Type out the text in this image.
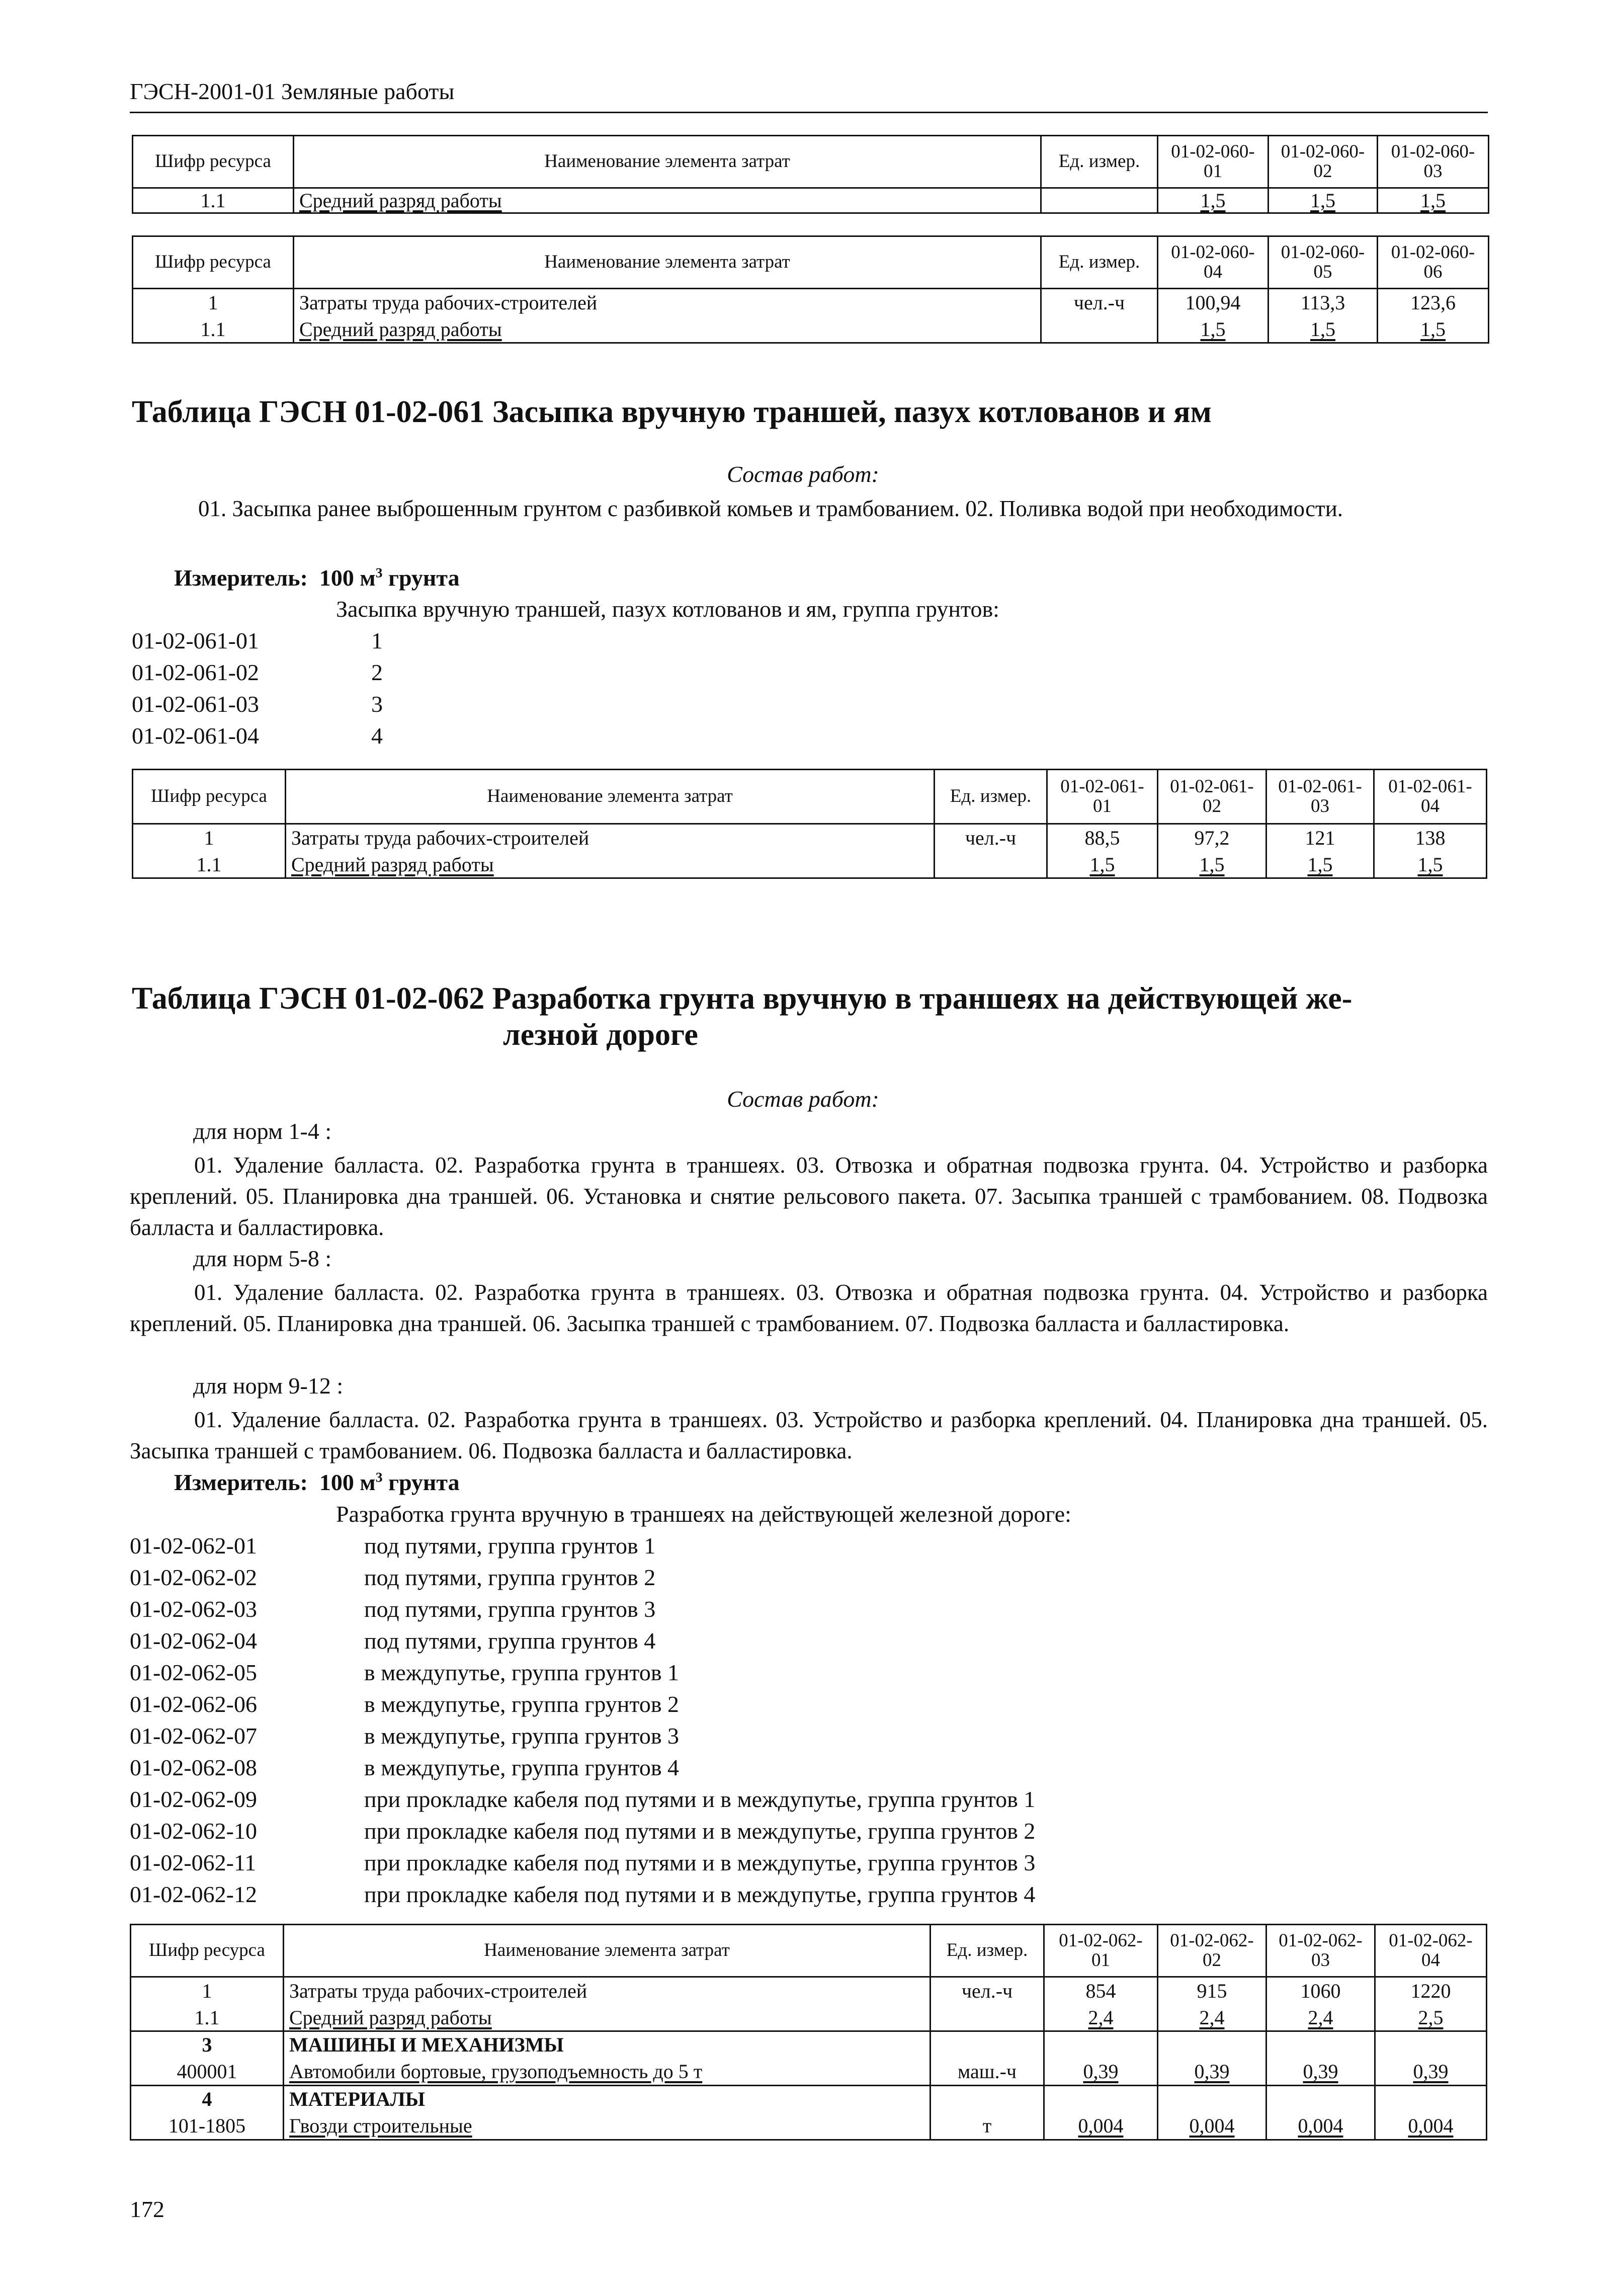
ГЭСН-2001-01 Земляные работы
Шифр ресурса	Наименование элемента затрат	Ед. измер.	01-02-060-01	01-02-060-02	01-02-060-03
1.1	Средний разряд работы		1,5	1,5	1,5
Шифр ресурса	Наименование элемента затрат	Ед. измер.	01-02-060-04	01-02-060-05	01-02-060-06
1	Затраты труда рабочих-строителей	чел.-ч	100,94	113,3	123,6
1.1	Средний разряд работы		1,5	1,5	1,5
Таблица ГЭСН 01-02-061 Засыпка вручную траншей, пазух котлованов и ям
Состав работ:
01. Засыпка ранее выброшенным грунтом с разбивкой комьев и трамбованием. 02. Поливка водой при необходимости.
Измеритель: 100 $м^3$ грунта
Засыпка вручную траншей, пазух котлованов и ям, группа грунтов:
01-02-061-01	1
01-02-061-02	2
01-02-061-03	3
01-02-061-04	4
Шифр ресурса	Наименование элемента затрат	Ед. измер.	01-02-061-01	01-02-061-02	01-02-061-03	01-02-061-04
1	Затраты труда рабочих-строителей	чел.-ч	88,5	97,2	121	138
1.1	Средний разряд работы		1,5	1,5	1,5	1,5
Таблица ГЭСН 01-02-062 Разработка грунта вручную в траншеях на действующей же-
лезной дороге
Состав работ:
для норм 1-4 :
01. Удаление балласта. 02. Разработка грунта в траншеях. 03. Отвозка и обратная подвозка грунта. 04. Устройство и разборка креплений. 05. Планировка дна траншей. 06. Установка и снятие рельсового пакета. 07. Засыпка траншей с трамбованием. 08. Подвозка балласта и балластировка.
для норм 5-8 :
01. Удаление балласта. 02. Разработка грунта в траншеях. 03. Отвозка и обратная подвозка грунта. 04. Устройство и разборка креплений. 05. Планировка дна траншей. 06. Засыпка траншей с трамбованием. 07. Подвозка балласта и балластировка.
для норм 9-12 :
01. Удаление балласта. 02. Разработка грунта в траншеях. 03. Устройство и разборка креплений. 04. Планировка дна траншей. 05. Засыпка траншей с трамбованием. 06. Подвозка балласта и балластировка.
Измеритель: 100 $м^3$ грунта
Разработка грунта вручную в траншеях на действующей железной дороге:
01-02-062-01	под путями, группа грунтов 1
01-02-062-02	под путями, группа грунтов 2
01-02-062-03	под путями, группа грунтов 3
01-02-062-04	под путями, группа грунтов 4
01-02-062-05	в междупутье, группа грунтов 1
01-02-062-06	в междупутье, группа грунтов 2
01-02-062-07	в междупутье, группа грунтов 3
01-02-062-08	в междупутье, группа грунтов 4
01-02-062-09	при прокладке кабеля под путями и в междупутье, группа грунтов 1
01-02-062-10	при прокладке кабеля под путями и в междупутье, группа грунтов 2
01-02-062-11	при прокладке кабеля под путями и в междупутье, группа грунтов 3
01-02-062-12	при прокладке кабеля под путями и в междупутье, группа грунтов 4
Шифр ресурса	Наименование элемента затрат	Ед. измер.	01-02-062-01	01-02-062-02	01-02-062-03	01-02-062-04
1	Затраты труда рабочих-строителей	чел.-ч	854	915	1060	1220
1.1	Средний разряд работы		2,4	2,4	2,4	2,5
3	МАШИНЫ И МЕХАНИЗМЫ					
400001	Автомобили бортовые, грузоподъемность до 5 т	маш.-ч	0,39	0,39	0,39	0,39
4	МАТЕРИАЛЫ					
101-1805	Гвозди строительные	т	0,004	0,004	0,004	0,004
172
